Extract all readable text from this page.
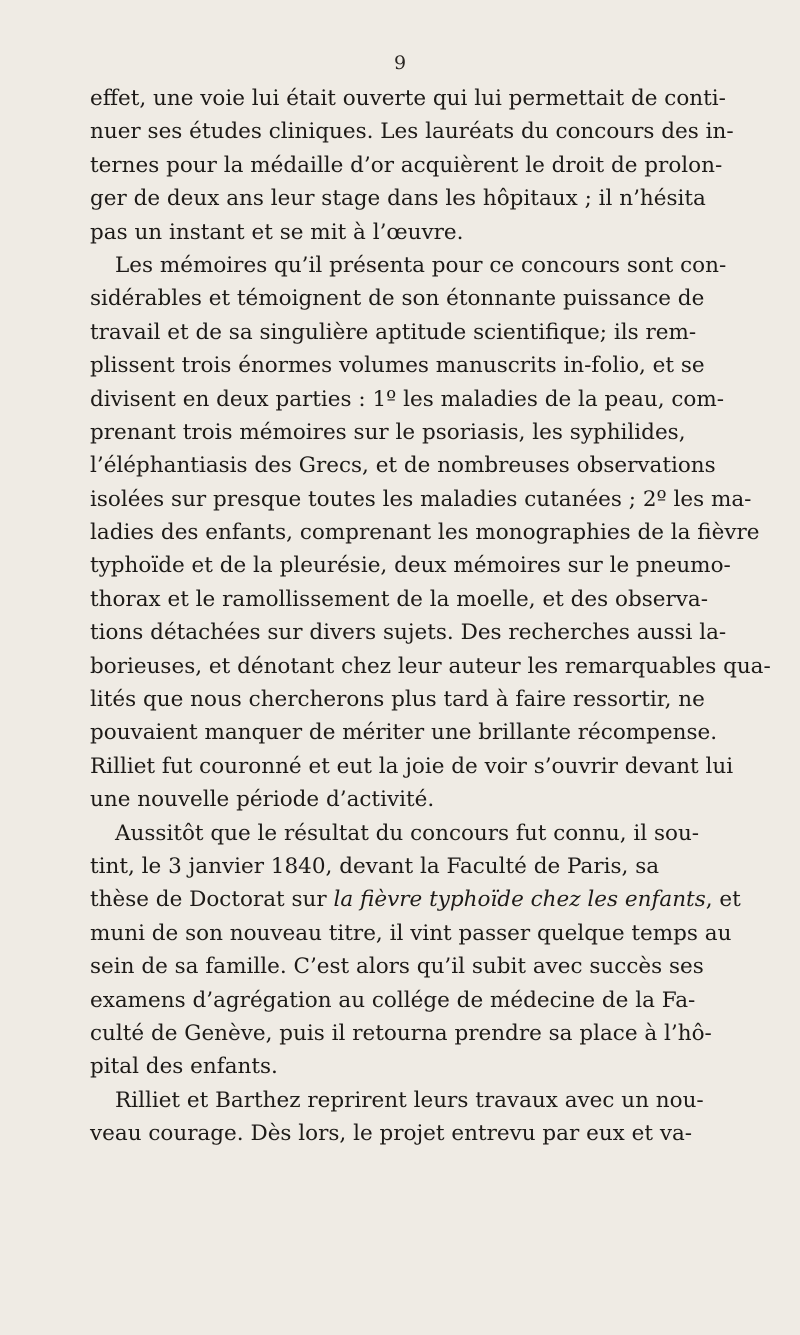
9
effet, une voie lui était ouverte qui lui permettait de conti-
nuer ses études cliniques. Les lauréats du concours des in-
ternes pour la médaille d’or acquièrent le droit de prolon-
ger de deux ans leur stage dans les hôpitaux ; il n’hésita
pas un instant et se mit à l’œuvre.
Les mémoires qu’il présenta pour ce concours sont con-
sidérables et témoignent de son étonnante puissance de
travail et de sa singulière aptitude scientifique; ils rem-
plissent trois énormes volumes manuscrits in-folio, et se
divisent en deux parties : 1º les maladies de la peau, com-
prenant trois mémoires sur le psoriasis, les syphilides,
l’éléphantiasis des Grecs, et de nombreuses observations
isolées sur presque toutes les maladies cutanées ; 2º les ma-
ladies des enfants, comprenant les monographies de la fièvre
typhoïde et de la pleurésie, deux mémoires sur le pneumo-
thorax et le ramollissement de la moelle, et des observa-
tions détachées sur divers sujets. Des recherches aussi la-
borieuses, et dénotant chez leur auteur les remarquables qua-
lités que nous chercherons plus tard à faire ressortir, ne
pouvaient manquer de mériter une brillante récompense.
Rilliet fut couronné et eut la joie de voir s’ouvrir devant lui
une nouvelle période d’activité.
Aussitôt que le résultat du concours fut connu, il sou-
tint, le 3 janvier 1840, devant la Faculté de Paris, sa
thèse de Doctorat sur la fièvre typhoïde chez les enfants, et
muni de son nouveau titre, il vint passer quelque temps au
sein de sa famille. C’est alors qu’il subit avec succès ses
examens d’agrégation au collége de médecine de la Fa-
culté de Genève, puis il retourna prendre sa place à l’hô-
pital des enfants.
Rilliet et Barthez reprirent leurs travaux avec un nou-
veau courage. Dès lors, le projet entrevu par eux et va-
